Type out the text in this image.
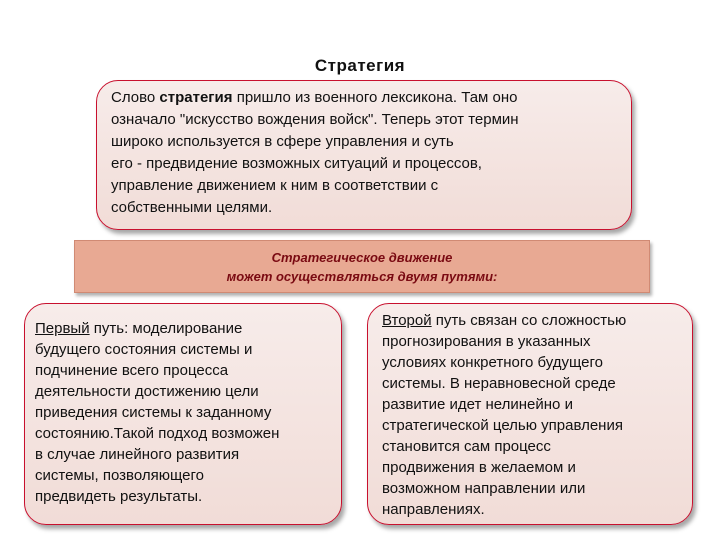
Стратегия
Слово стратегия пришло из военного лексикона. Там оно
означало "искусство вождения войск". Теперь этот термин
широко используется в сфере управления и суть
его - предвидение возможных ситуаций и процессов,
управление движением к ним в соответствии с
собственными целями.
Стратегическое движение
может осуществляться двумя путями:
Первый путь: моделирование
будущего состояния системы и
подчинение всего процесса
деятельности достижению цели
приведения системы к заданному
состоянию.Такой подход возможен
в случае линейного развития
системы, позволяющего
предвидеть результаты.
Второй путь связан со сложностью
прогнозирования в указанных
условиях конкретного будущего
системы. В неравновесной среде
развитие идет нелинейно и
стратегической целью управления
становится сам процесс
продвижения в желаемом и
возможном направлении или
направлениях.
